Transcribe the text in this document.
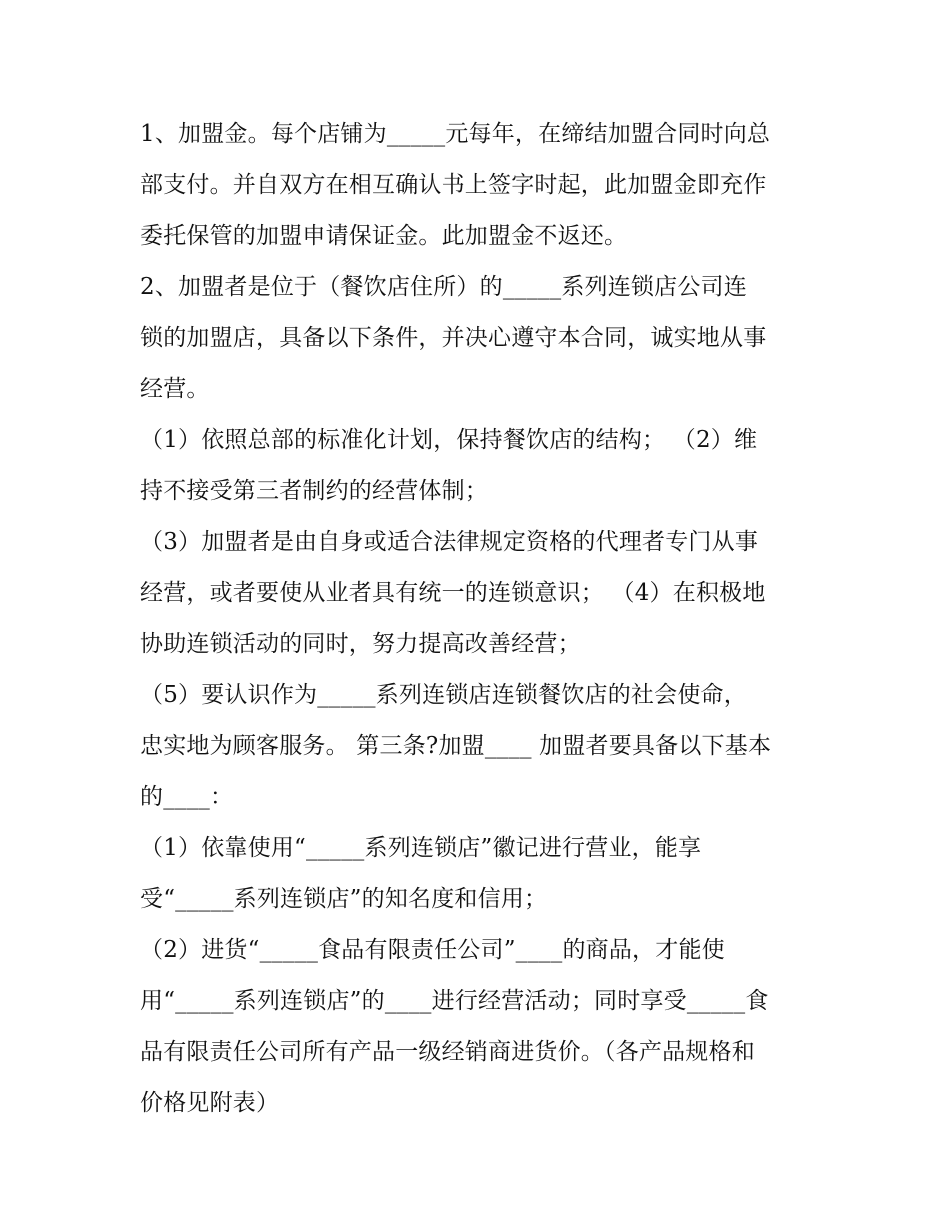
1、加盟金。每个店铺为_____元每年，在缔结加盟合同时向总
部支付。并自双方在相互确认书上签字时起，此加盟金即充作
委托保管的加盟申请保证金。此加盟金不返还。
2、加盟者是位于（餐饮店住所）的_____系列连锁店公司连
锁的加盟店，具备以下条件，并决心遵守本合同，诚实地从事
经营。
（1）依照总部的标准化计划，保持餐饮店的结构； （2）维
持不接受第三者制约的经营体制；
（3）加盟者是由自身或适合法律规定资格的代理者专门从事
经营，或者要使从业者具有统一的连锁意识； （4）在积极地
协助连锁活动的同时，努力提高改善经营；
（5）要认识作为_____系列连锁店连锁餐饮店的社会使命，
忠实地为顾客服务。 第三条?加盟____ 加盟者要具备以下基本
的____：
（1）依靠使用“_____系列连锁店”徽记进行营业，能享
受“_____系列连锁店”的知名度和信用；
（2）进货“_____食品有限责任公司”____的商品，才能使
用“_____系列连锁店”的____进行经营活动；同时享受_____食
品有限责任公司所有产品一级经销商进货价。（各产品规格和
价格见附表）
